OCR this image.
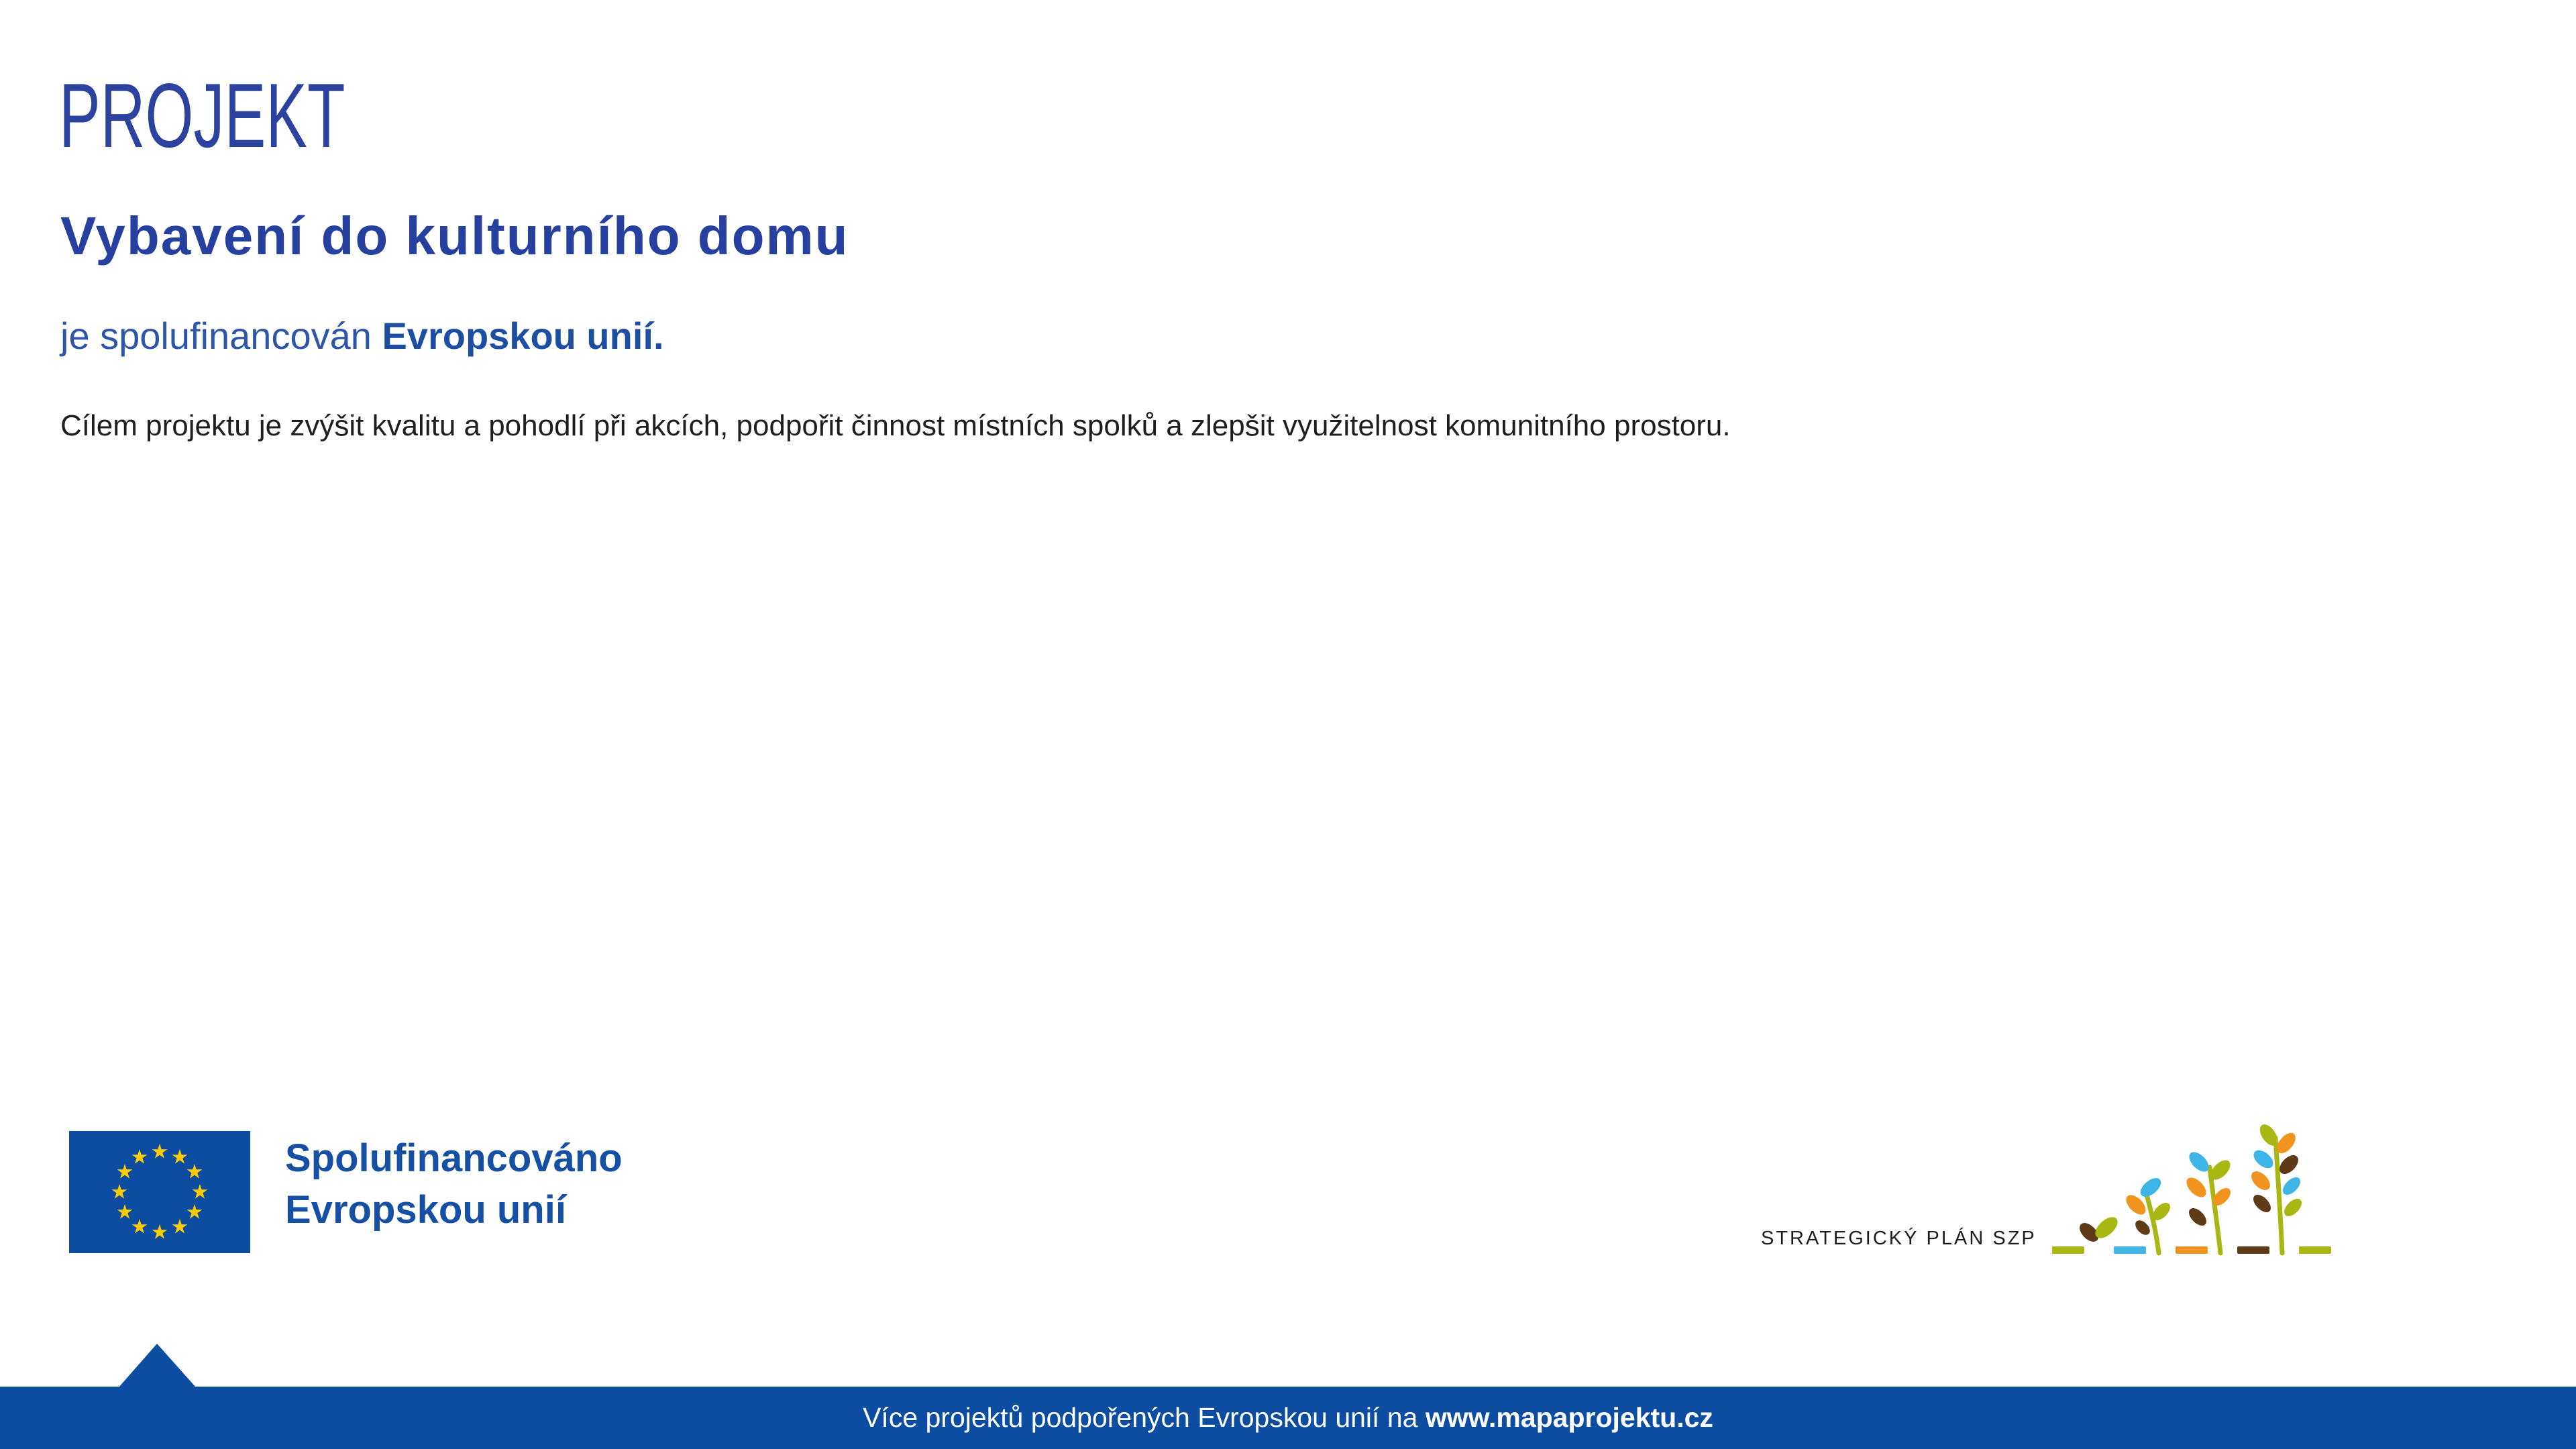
PROJEKT
Vybavení do kulturního domu
je spolufinancován Evropskou unií.
Cílem projektu je zvýšit kvalitu a pohodlí při akcích, podpořit činnost místních spolků a zlepšit využitelnost komunitního prostoru.
Spolufinancováno
Evropskou unií
STRATEGICKÝ PLÁN SZP
Více projektů podpořených Evropskou unií na www.mapaprojektu.cz
